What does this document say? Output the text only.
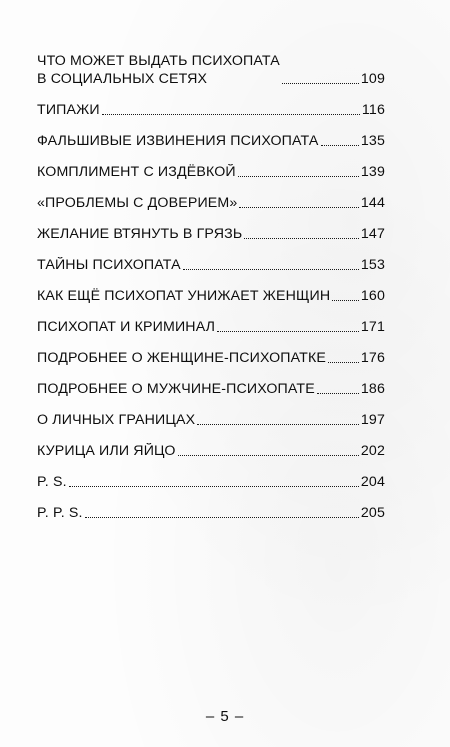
ЧТО МОЖЕТ ВЫДАТЬ ПСИХОПАТА
В СОЦИАЛЬНЫХ СЕТЯХ	109
ТИПАЖИ	116
ФАЛЬШИВЫЕ ИЗВИНЕНИЯ ПСИХОПАТА	135
КОМПЛИМЕНТ С ИЗДЁВКОЙ	139
«ПРОБЛЕМЫ С ДОВЕРИЕМ»	144
ЖЕЛАНИЕ ВТЯНУТЬ В ГРЯЗЬ	147
ТАЙНЫ ПСИХОПАТА	153
КАК ЕЩЁ ПСИХОПАТ УНИЖАЕТ ЖЕНЩИН 160
ПСИХОПАТ И КРИМИНАЛ	171
ПОДРОБНЕЕ О ЖЕНЩИНЕ-ПСИХОПАТКЕ 176
ПОДРОБНЕЕ О МУЖЧИНЕ-ПСИХОПАТЕ	186
О ЛИЧНЫХ ГРАНИЦАХ	197
КУРИЦА ИЛИ ЯЙЦО	202
P. S.	204
P. P. S.	205
– 5 –
